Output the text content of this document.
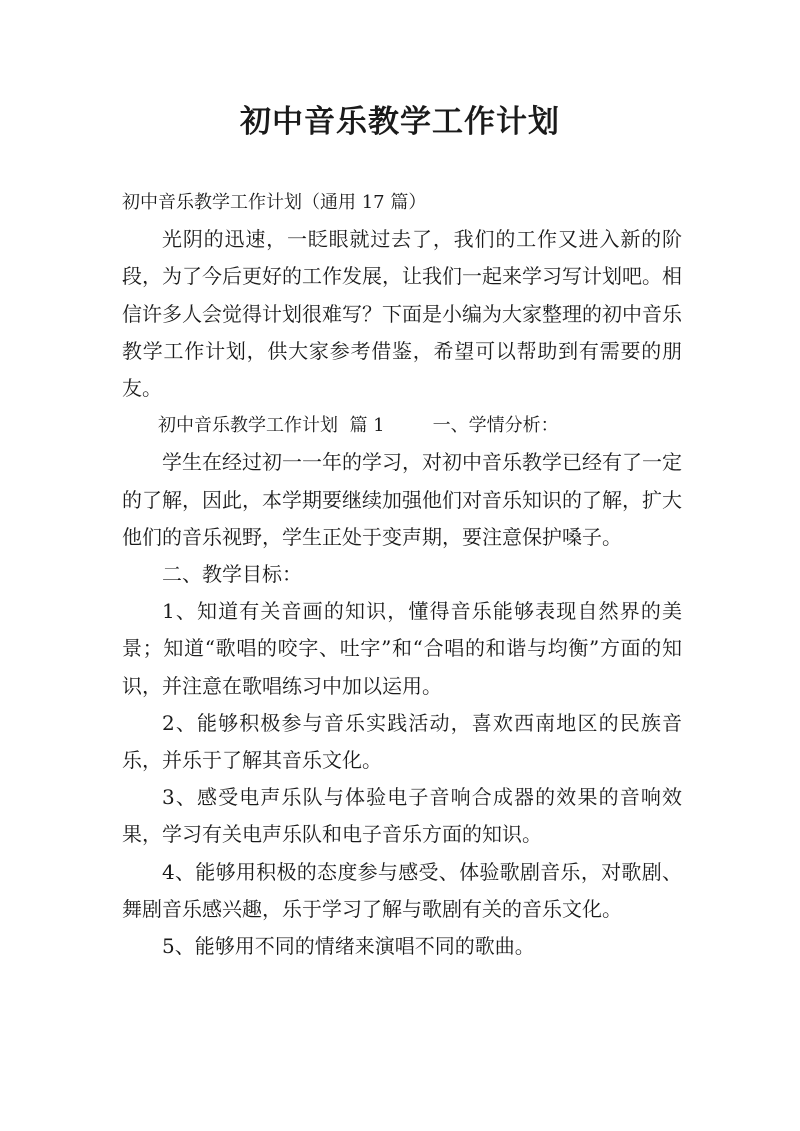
初中音乐教学工作计划

初中音乐教学工作计划（通用 17 篇）

光阴的迅速，一眨眼就过去了，我们的工作又进入新的阶段，为了今后更好的工作发展，让我们一起来学习写计划吧。相信许多人会觉得计划很难写？下面是小编为大家整理的初中音乐教学工作计划，供大家参考借鉴，希望可以帮助到有需要的朋友。

初中音乐教学工作计划  篇 1	一、学情分析：

学生在经过初一一年的学习，对初中音乐教学已经有了一定的了解，因此，本学期要继续加强他们对音乐知识的了解，扩大他们的音乐视野，学生正处于变声期，要注意保护嗓子。

二、教学目标：

1、知道有关音画的知识，懂得音乐能够表现自然界的美景；知道“歌唱的咬字、吐字”和“合唱的和谐与均衡”方面的知识，并注意在歌唱练习中加以运用。

2、能够积极参与音乐实践活动，喜欢西南地区的民族音乐，并乐于了解其音乐文化。

3、感受电声乐队与体验电子音响合成器的效果的音响效果，学习有关电声乐队和电子音乐方面的知识。

4、能够用积极的态度参与感受、体验歌剧音乐，对歌剧、舞剧音乐感兴趣，乐于学习了解与歌剧有关的音乐文化。

5、能够用不同的情绪来演唱不同的歌曲。
